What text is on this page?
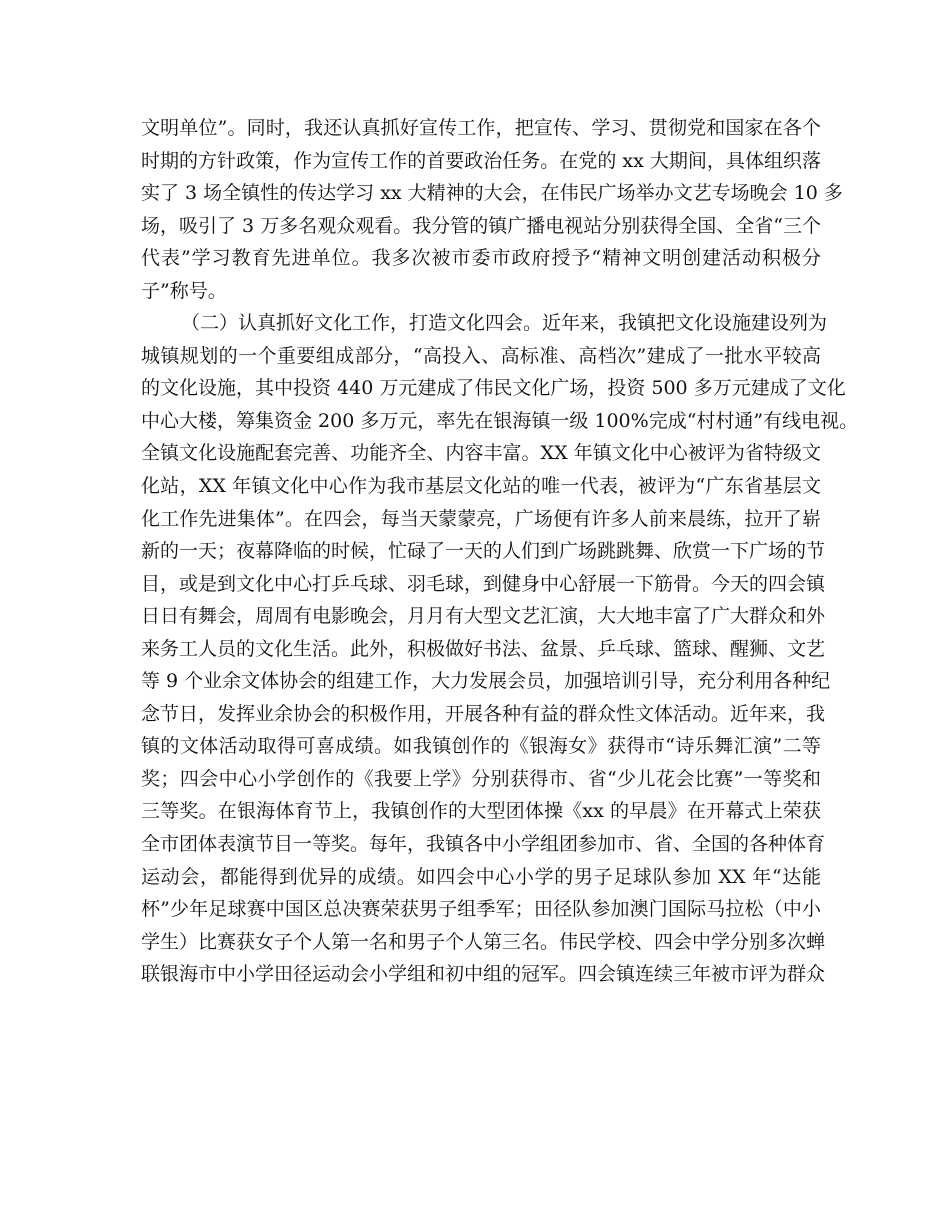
文明单位”。同时，我还认真抓好宣传工作，把宣传、学习、贯彻党和国家在各个
时期的方针政策，作为宣传工作的首要政治任务。在党的 xx 大期间，具体组织落
实了 3 场全镇性的传达学习 xx 大精神的大会，在伟民广场举办文艺专场晚会 10 多
场，吸引了 3 万多名观众观看。我分管的镇广播电视站分别获得全国、全省“三个
代表”学习教育先进单位。我多次被市委市政府授予“精神文明创建活动积极分
子”称号。
（二）认真抓好文化工作，打造文化四会。近年来，我镇把文化设施建设列为
城镇规划的一个重要组成部分，“高投入、高标准、高档次”建成了一批水平较高
的文化设施，其中投资 440 万元建成了伟民文化广场，投资 500 多万元建成了文化
中心大楼，筹集资金 200 多万元，率先在银海镇一级 100%完成“村村通”有线电视。
全镇文化设施配套完善、功能齐全、内容丰富。XX 年镇文化中心被评为省特级文
化站，XX 年镇文化中心作为我市基层文化站的唯一代表，被评为“广东省基层文
化工作先进集体”。在四会，每当天蒙蒙亮，广场便有许多人前来晨练，拉开了崭
新的一天；夜幕降临的时候，忙碌了一天的人们到广场跳跳舞、欣赏一下广场的节
目，或是到文化中心打乒乓球、羽毛球，到健身中心舒展一下筋骨。今天的四会镇
日日有舞会，周周有电影晚会，月月有大型文艺汇演，大大地丰富了广大群众和外
来务工人员的文化生活。此外，积极做好书法、盆景、乒乓球、篮球、醒狮、文艺
等 9 个业余文体协会的组建工作，大力发展会员，加强培训引导，充分利用各种纪
念节日，发挥业余协会的积极作用，开展各种有益的群众性文体活动。近年来，我
镇的文体活动取得可喜成绩。如我镇创作的《银海女》获得市“诗乐舞汇演”二等
奖；四会中心小学创作的《我要上学》分别获得市、省“少儿花会比赛”一等奖和
三等奖。在银海体育节上，我镇创作的大型团体操《xx 的早晨》在开幕式上荣获
全市团体表演节目一等奖。每年，我镇各中小学组团参加市、省、全国的各种体育
运动会，都能得到优异的成绩。如四会中心小学的男子足球队参加 XX 年“达能
杯”少年足球赛中国区总决赛荣获男子组季军；田径队参加澳门国际马拉松（中小
学生）比赛获女子个人第一名和男子个人第三名。伟民学校、四会中学分别多次蝉
联银海市中小学田径运动会小学组和初中组的冠军。四会镇连续三年被市评为群众
